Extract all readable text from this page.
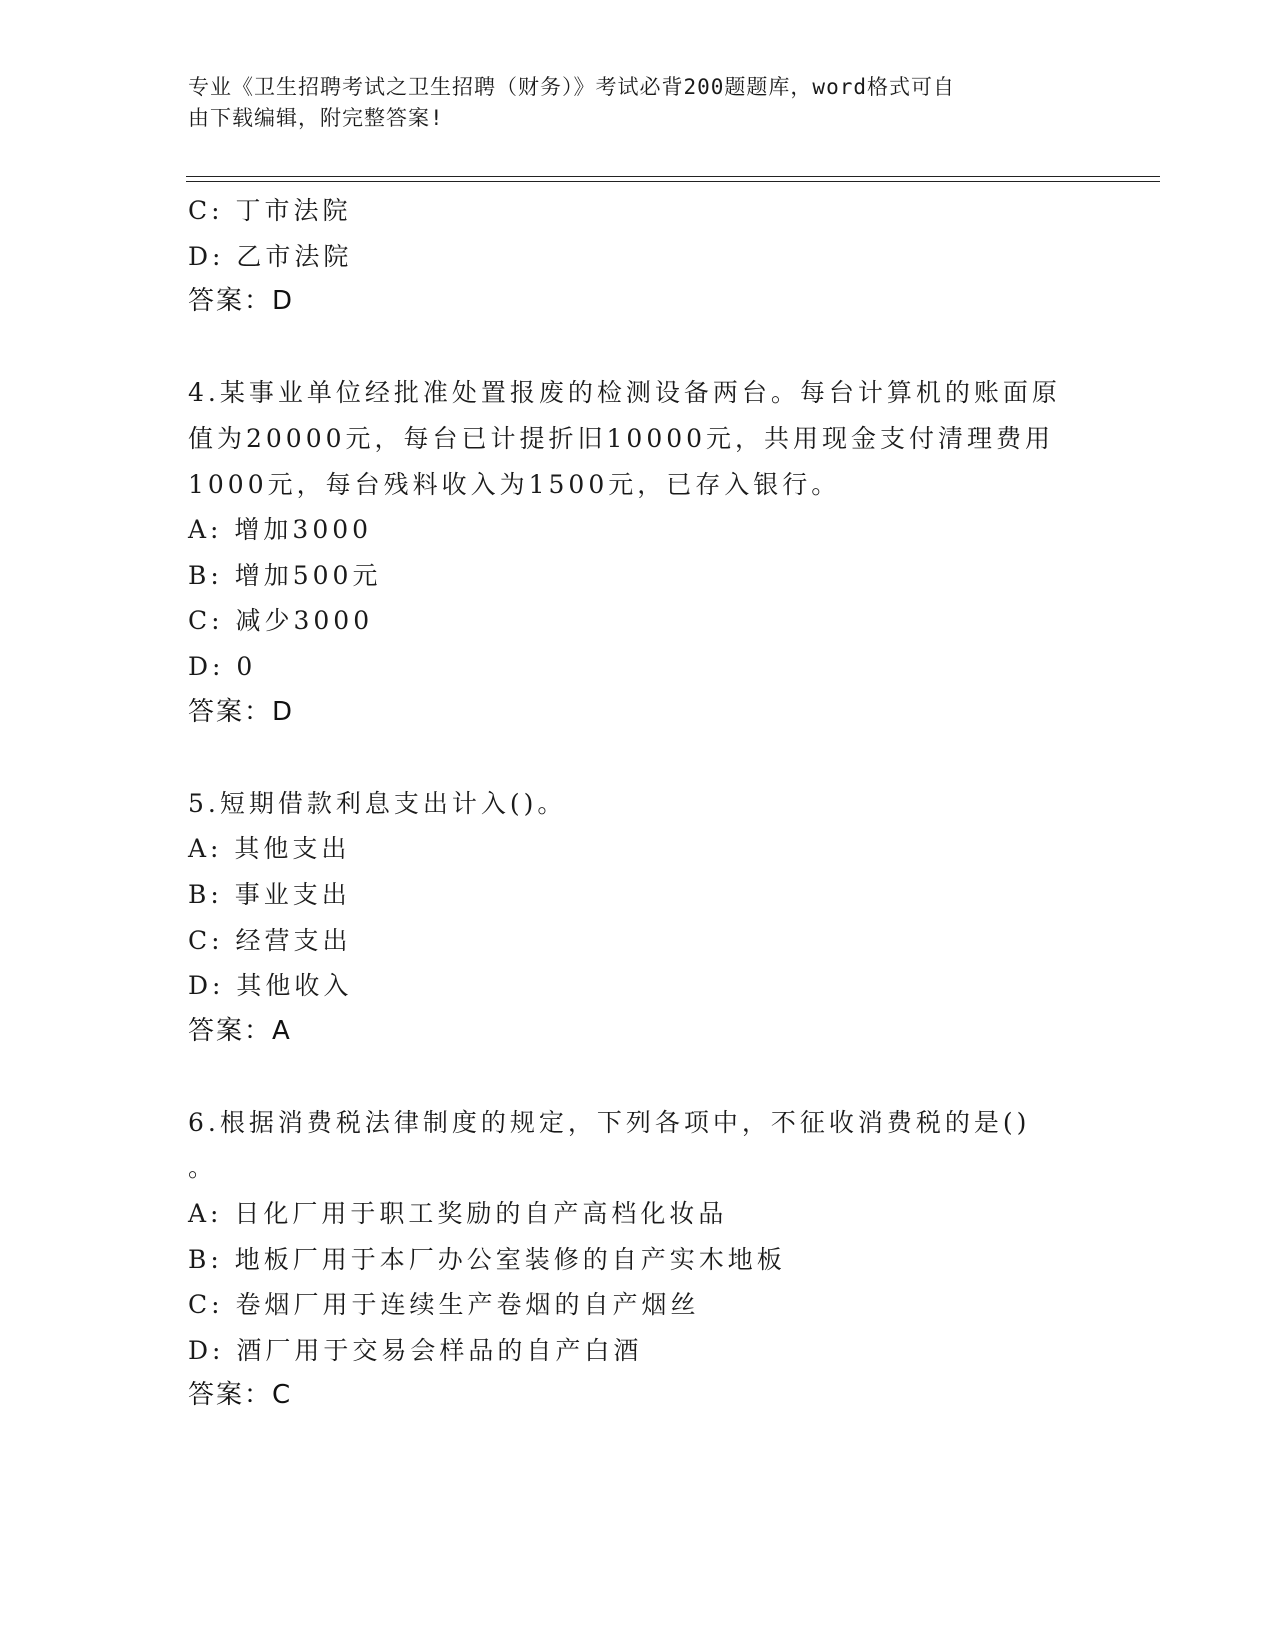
专业《卫生招聘考试之卫生招聘（财务）》考试必背200题题库，word格式可自
由下载编辑，附完整答案!
C: 丁市法院
D: 乙市法院
答案：D
4.某事业单位经批准处置报废的检测设备两台。每台计算机的账面原
值为20000元，每台已计提折旧10000元，共用现金支付清理费用
1000元，每台残料收入为1500元，已存入银行。
A: 增加3000
B: 增加500元
C: 减少3000
D: 0
答案：D
5.短期借款利息支出计入()。
A: 其他支出
B: 事业支出
C: 经营支出
D: 其他收入
答案：A
6.根据消费税法律制度的规定，下列各项中，不征收消费税的是()
。
A: 日化厂用于职工奖励的自产高档化妆品
B: 地板厂用于本厂办公室装修的自产实木地板
C: 卷烟厂用于连续生产卷烟的自产烟丝
D: 酒厂用于交易会样品的自产白酒
答案：C
